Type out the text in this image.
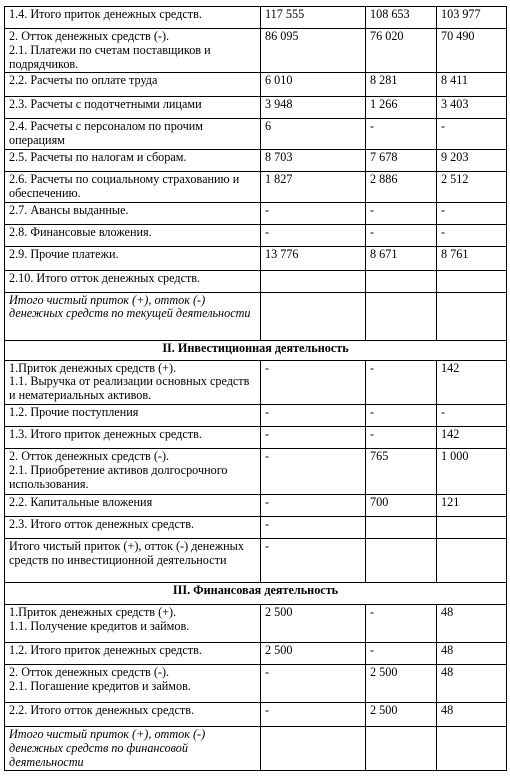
1.4. Итого приток денежных средств.	117 555	108 653	103 977

2. Отток денежных средств (-).
2.1. Платежи по счетам поставщиков и подрядчиков.	86 095	76 020	70 490

2.2. Расчеты по оплате труда	6 010	8 281	8 411

2.3. Расчеты с подотчетными лицами	3 948	1 266	3 403

2.4. Расчеты с персоналом по прочим операциям	6	-	-

2.5. Расчеты по налогам и сборам.	8 703	7 678	9 203

2.6. Расчеты по социальному страхованию и обеспечению.	1 827	2 886	2 512

2.7. Авансы выданные.	-	-	-

2.8. Финансовые вложения.	-	-	-

2.9. Прочие платежи.	13 776	8 671	8 761

2.10. Итого отток денежных средств.			

Итого чистый приток (+), отток (-) денежных средств по текущей деятельности			

II. Инвестиционная деятельность			

1.Приток денежных средств (+).
1.1. Выручка от реализации основных средств и нематериальных активов.	-	-	142

1.2. Прочие поступления	-	-	-

1.3. Итого приток денежных средств.	-	-	142

2. Отток денежных средств (-).
2.1. Приобретение активов долгосрочного использования.	-	765	1 000

2.2. Капитальные вложения	-	700	121

2.3. Итого отток денежных средств.	-		

Итого чистый приток (+), отток (-) денежных средств по инвестиционной деятельности	-		
III. Финансовая деятельность			

1.Приток денежных средств (+).
1.1. Получение кредитов и займов.	2 500	-	48

1.2. Итого приток денежных средств.	2 500	-	48

2. Отток денежных средств (-).
2.1. Погашение кредитов и займов.	-	2 500	48

2.2. Итого отток денежных средств.	-	2 500	48

Итого чистый приток (+), отток (-) денежных средств по финансовой деятельности			
